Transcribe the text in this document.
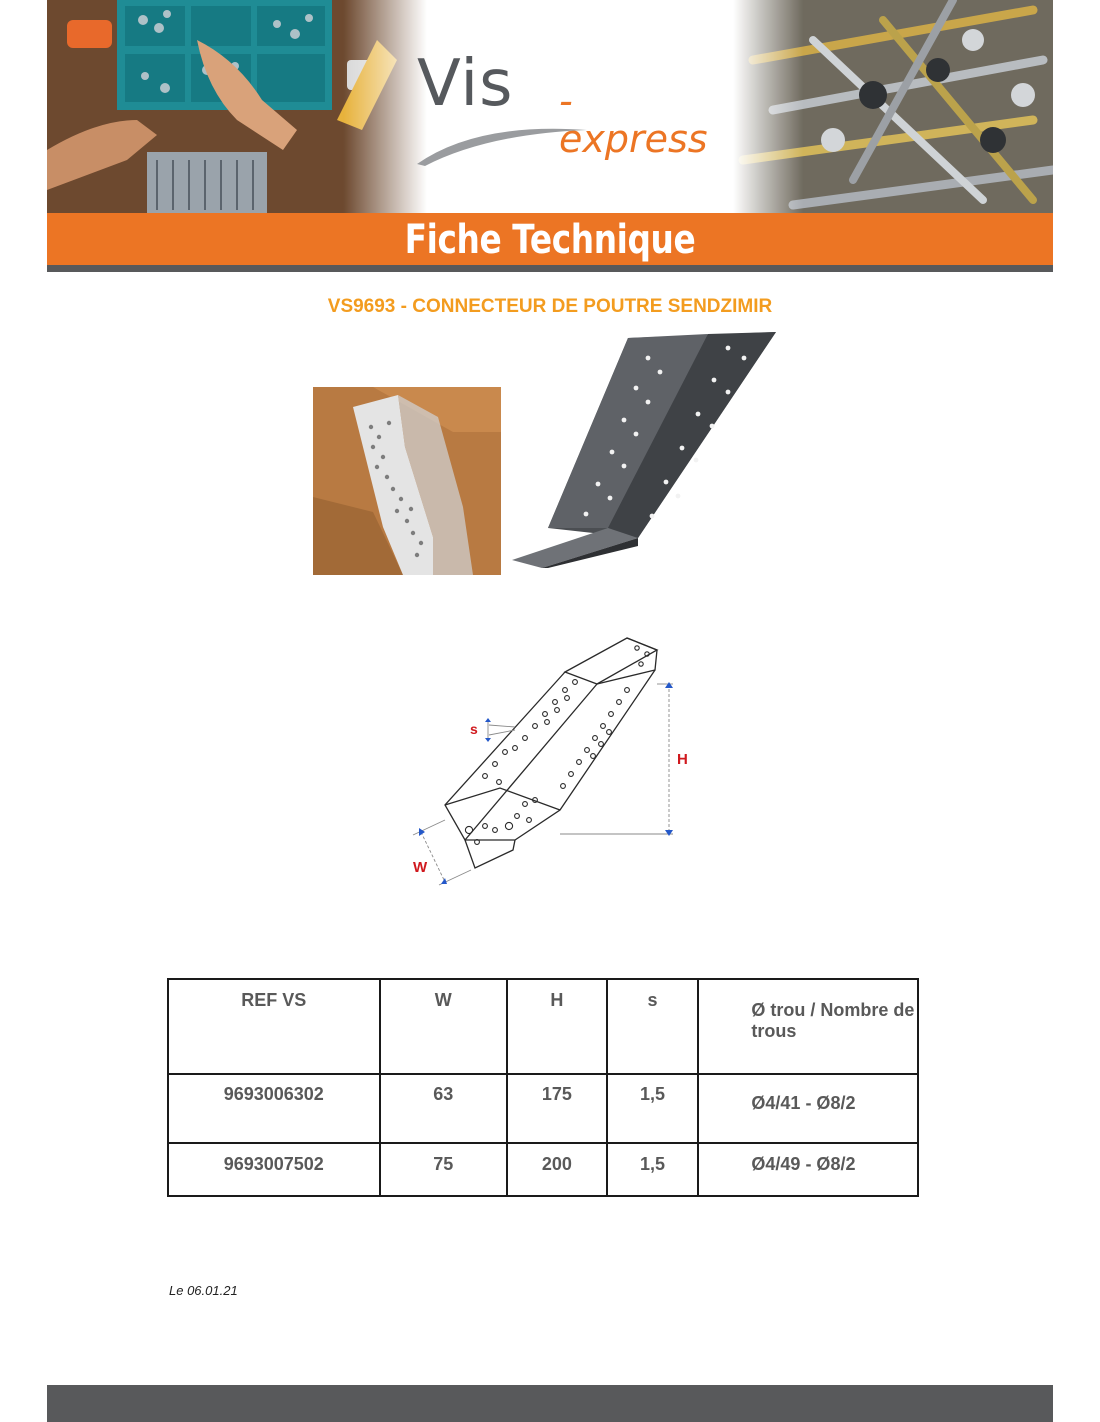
Vis -express
Fiche Technique
VS9693 - CONNECTEUR DE POUTRE SENDZIMIR
H
s
W
REF VS	W	H	s	Ø trou / Nombre de trous
9693006302	63	175	1,5	Ø4/41 - Ø8/2
9693007502	75	200	1,5	Ø4/49 - Ø8/2
Le 06.01.21
